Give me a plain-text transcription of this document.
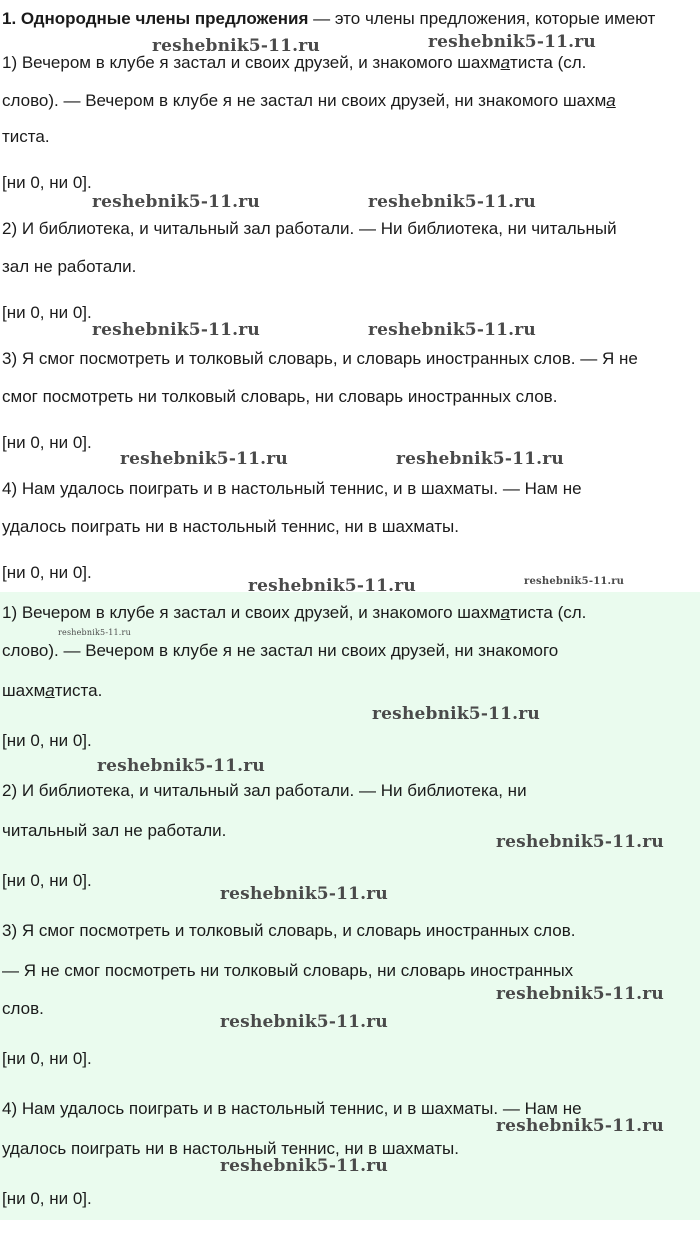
1. Однородные члены предложения — это члены предложения, которые имеют
1) Вечером в клубе я застал и своих друзей, и знакомого шахматиста (сл.
слово). — Вечером в клубе я не застал ни своих друзей, ни знакомого шахма
тиста.
[ни 0, ни 0].
2) И библиотека, и читальный зал работали. — Ни библиотека, ни читальный
зал не работали.
[ни 0, ни 0].
3) Я смог посмотреть и толковый словарь, и словарь иностранных слов. — Я не
смог посмотреть ни толковый словарь, ни словарь иностранных слов.
[ни 0, ни 0].
4) Нам удалось поиграть и в настольный теннис, и в шахматы. — Нам не
удалось поиграть ни в настольный теннис, ни в шахматы.
[ни 0, ни 0].
1) Вечером в клубе я застал и своих друзей, и знакомого шахматиста (сл.
слово). — Вечером в клубе я не застал ни своих друзей, ни знакомого
шахматиста.
[ни 0, ни 0].
2) И библиотека, и читальный зал работали. — Ни библиотека, ни
читальный зал не работали.
[ни 0, ни 0].
3) Я смог посмотреть и толковый словарь, и словарь иностранных слов.
— Я не смог посмотреть ни толковый словарь, ни словарь иностранных
слов.
[ни 0, ни 0].
4) Нам удалось поиграть и в настольный теннис, и в шахматы. — Нам не
удалось поиграть ни в настольный теннис, ни в шахматы.
[ни 0, ни 0].
reshebnik5-11.ru	reshebnik5-11.ru
reshebnik5-11.ru	reshebnik5-11.ru
reshebnik5-11.ru	reshebnik5-11.ru
reshebnik5-11.ru	reshebnik5-11.ru
reshebnik5-11.ru	reshebnik5-11.ru
reshebnik5-11.ru
reshebnik5-11.ru
reshebnik5-11.ru
reshebnik5-11.ru
reshebnik5-11.ru
reshebnik5-11.ru
reshebnik5-11.ru
reshebnik5-11.ru
reshebnik5-11.ru
